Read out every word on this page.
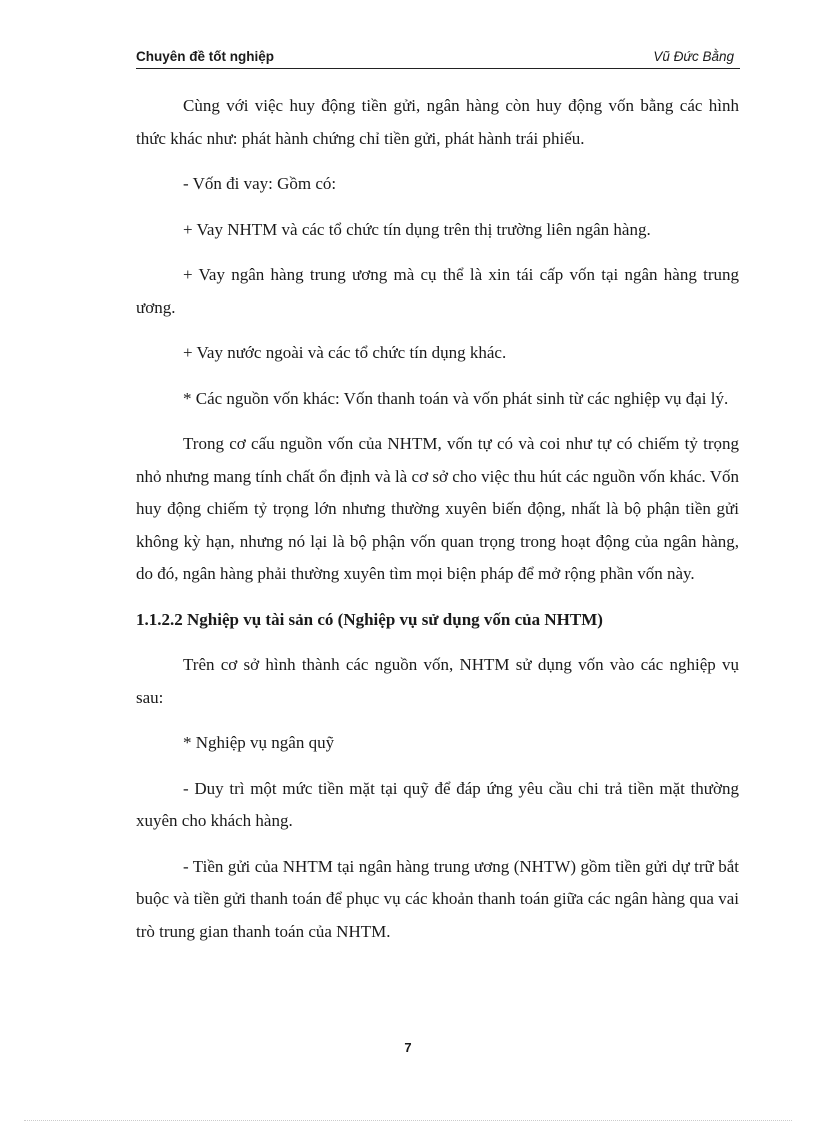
Chuyên đề tốt nghiệp	Vũ Đức Bằng

Cùng với việc huy động tiền gửi, ngân hàng còn huy động vốn bằng các hình thức khác như: phát hành chứng chỉ tiền gửi, phát hành trái phiếu.

- Vốn đi vay: Gồm có:

+ Vay NHTM và các tổ chức tín dụng trên thị trường liên ngân hàng.

+ Vay ngân hàng trung ương mà cụ thể là xin tái cấp vốn tại ngân hàng trung ương.

+ Vay nước ngoài và các tổ chức tín dụng khác.

* Các nguồn vốn khác: Vốn thanh toán và vốn phát sinh từ các nghiệp vụ đại lý.

Trong cơ cấu nguồn vốn của NHTM, vốn tự có và coi như tự có chiếm tỷ trọng nhỏ nhưng mang tính chất ổn định và là cơ sở cho việc thu hút các nguồn vốn khác. Vốn huy động chiếm tỷ trọng lớn nhưng thường xuyên biến động, nhất là bộ phận tiền gửi không kỳ hạn, nhưng nó lại là bộ phận vốn quan trọng trong hoạt động của ngân hàng, do đó, ngân hàng phải thường xuyên tìm mọi biện pháp để mở rộng phần vốn này.

1.1.2.2 Nghiệp vụ tài sản có (Nghiệp vụ sử dụng vốn của NHTM)

Trên cơ sở hình thành các nguồn vốn, NHTM sử dụng vốn vào các nghiệp vụ sau:

* Nghiệp vụ ngân quỹ

- Duy trì một mức tiền mặt tại quỹ để đáp ứng yêu cầu chi trả tiền mặt thường xuyên cho khách hàng.

- Tiền gửi của NHTM tại ngân hàng trung ương (NHTW) gồm tiền gửi dự trữ bắt buộc và tiền gửi thanh toán để phục vụ các khoản thanh toán giữa các ngân hàng qua vai trò trung gian thanh toán của NHTM.

7
